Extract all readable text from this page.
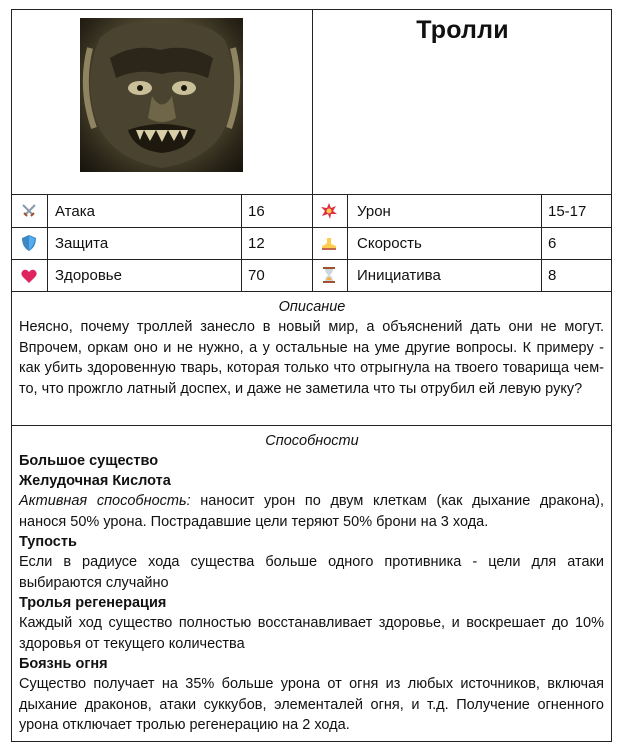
Тролли
Атака	16	Урон	15-17
Защита	12	Скорость	6
Здоровье	70	Инициатива	8
Описание
Неясно, почему троллей занесло в новый мир, а объяснений дать они не могут. Впрочем, оркам оно и не нужно, а у остальные на уме другие вопросы. К примеру - как убить здоровенную тварь, которая только что отрыгнула на твоего товарища чем-то, что прожгло латный доспех, и даже не заметила что ты отрубил ей левую руку?
Способности
Большое существо
Желудочная Кислота
Активная способность: наносит урон по двум клеткам (как дыхание дракона), нанося 50% урона. Пострадавшие цели теряют 50% брони на 3 хода.
Тупость
Если в радиусе хода существа больше одного противника - цели для атаки выбираются случайно
Тролья регенерация
Каждый ход существо полностью восстанавливает здоровье, и воскрешает до 10% здоровья от текущего количества
Боязнь огня
Существо получает на 35% больше урона от огня из любых источников, включая дыхание драконов, атаки суккубов, элементалей огня, и т.д. Получение огненного урона отключает тролью регенерацию на 2 хода.
